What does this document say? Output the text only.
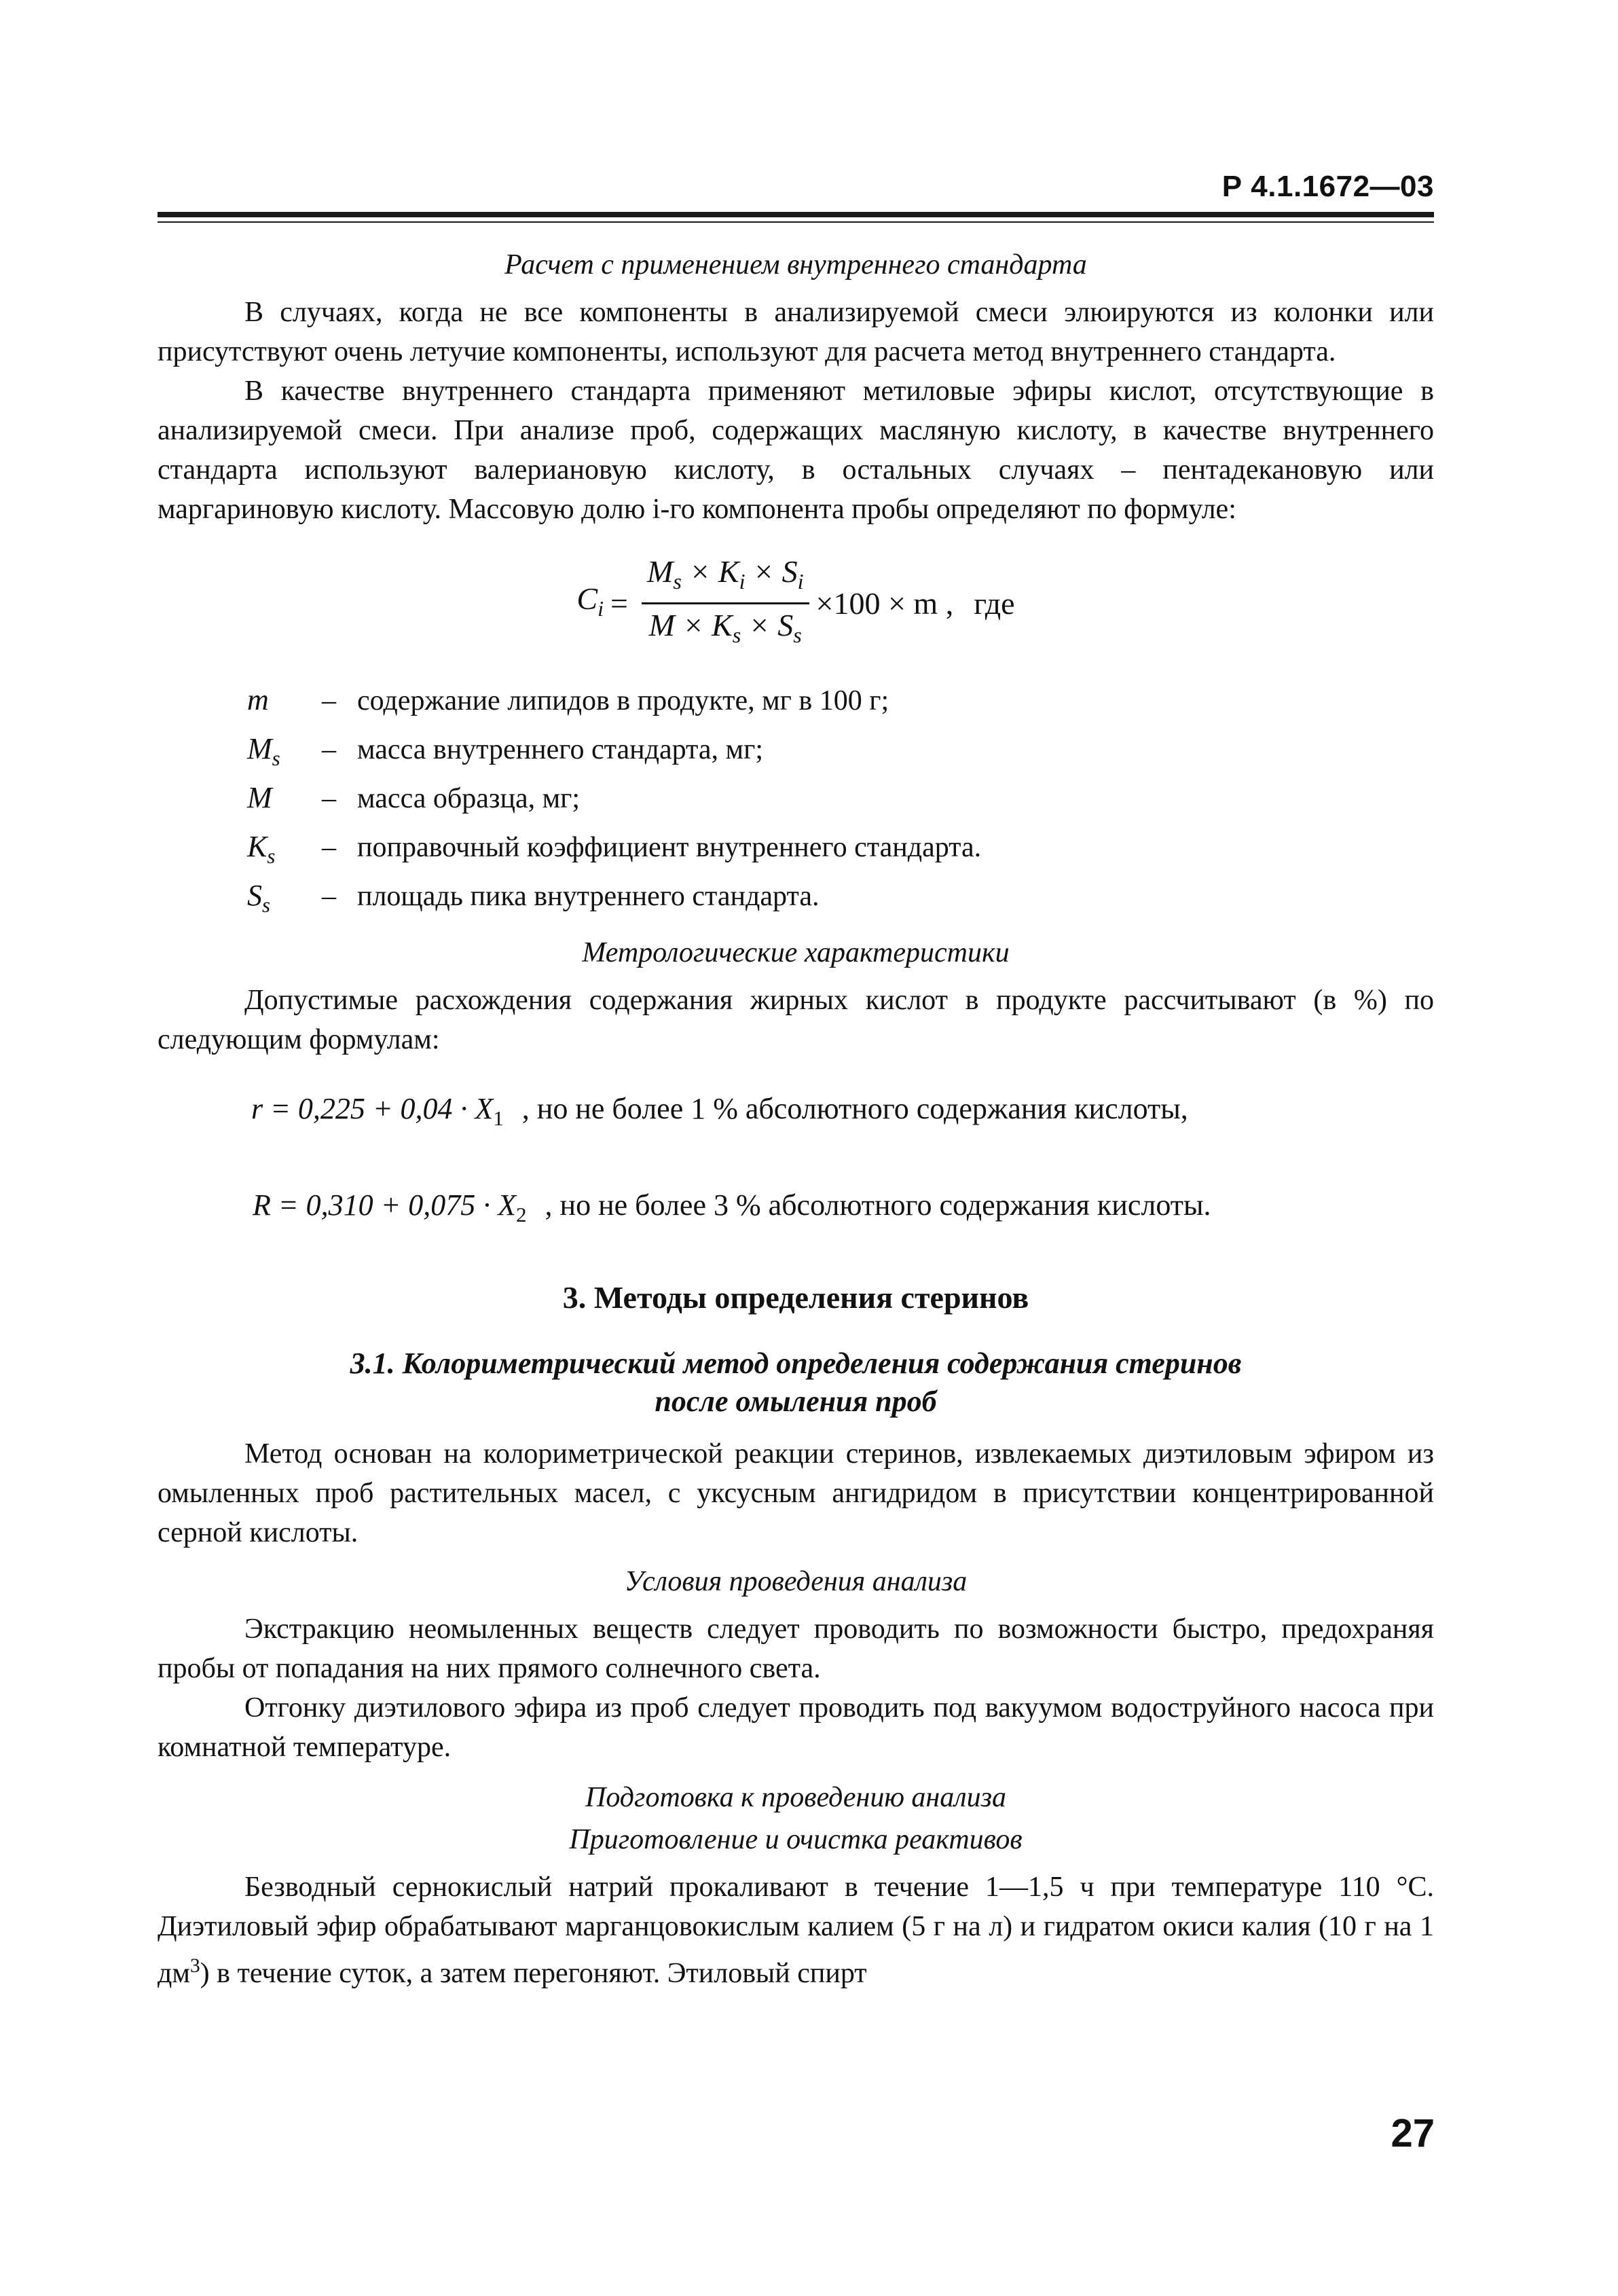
Р 4.1.1672—03
Расчет с применением внутреннего стандарта

В случаях, когда не все компоненты в анализируемой смеси элюируются из колонки или присутствуют очень летучие компоненты, используют для расчета метод внутреннего стандарта.

В качестве внутреннего стандарта применяют метиловые эфиры кислот, отсутствующие в анализируемой смеси. При анализе проб, содержащих масляную кислоту, в качестве внутреннего стандарта используют валериановую кислоту, в остальных случаях – пентадекановую или маргариновую кислоту. Массовую долю i-го компонента пробы определяют по формуле:

$C_i = \frac{M_s \times K_i \times S_i}{M \times K_s \times S_s} \times 100 \times m$ , где
m	– содержание липидов в продукте, мг в 100 г;
$M_s$	– масса внутреннего стандарта, мг;
M	– масса образца, мг;
$K_s$	– поправочный коэффициент внутреннего стандарта.
$S_s$	– площадь пика внутреннего стандарта.
Метрологические характеристики

Допустимые расхождения содержания жирных кислот в продукте рассчитывают (в %) по следующим формулам:

$r = 0,225 + 0,04 \cdot X_1$ , но не более 1 % абсолютного содержания кислоты,

$R = 0,310 + 0,075 \cdot X_2$ , но не более 3 % абсолютного содержания кислоты.

3. Методы определения стеринов
3.1. Колориметрический метод определения содержания стеринов
после омыления проб

Метод основан на колориметрической реакции стеринов, извлекаемых диэтиловым эфиром из омыленных проб растительных масел, с уксусным ангидридом в присутствии концентрированной серной кислоты.

Условия проведения анализа

Экстракцию неомыленных веществ следует проводить по возможности быстро, предохраняя пробы от попадания на них прямого солнечного света.

Отгонку диэтилового эфира из проб следует проводить под вакуумом водоструйного насоса при комнатной температуре.

Подготовка к проведению анализа
Приготовление и очистка реактивов

Безводный сернокислый натрий прокаливают в течение 1—1,5 ч при температуре 110 °С. Диэтиловый эфир обрабатывают марганцовокислым калием (5 г на л) и гидратом окиси калия (10 г на 1 $дм^3$) в течение суток, а затем перегоняют. Этиловый спирт

27
